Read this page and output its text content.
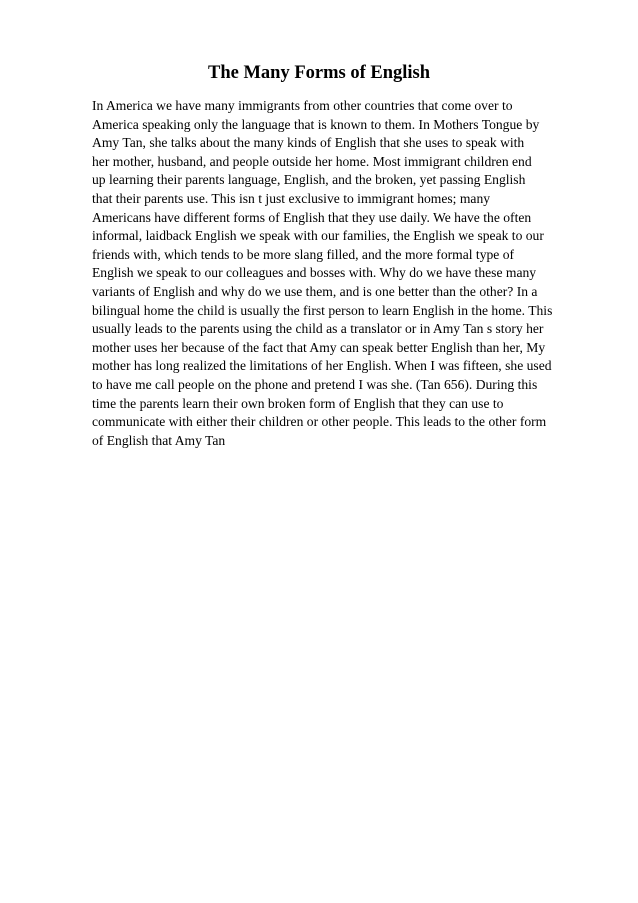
The Many Forms of English
In America we have many immigrants from other countries that come over to
America speaking only the language that is known to them. In Mothers Tongue by
Amy Tan, she talks about the many kinds of English that she uses to speak with
her mother, husband, and people outside her home. Most immigrant children end
up learning their parents language, English, and the broken, yet passing English
that their parents use. This isn t just exclusive to immigrant homes; many
Americans have different forms of English that they use daily. We have the often
informal, laidback English we speak with our families, the English we speak to our
friends with, which tends to be more slang filled, and the more formal type of
English we speak to our colleagues and bosses with. Why do we have these many
variants of English and why do we use them, and is one better than the other? In a
bilingual home the child is usually the first person to learn English in the home. This
usually leads to the parents using the child as a translator or in Amy Tan s story her
mother uses her because of the fact that Amy can speak better English than her, My
mother has long realized the limitations of her English. When I was fifteen, she used
to have me call people on the phone and pretend I was she. (Tan 656). During this
time the parents learn their own broken form of English that they can use to
communicate with either their children or other people. This leads to the other form
of English that Amy Tan
